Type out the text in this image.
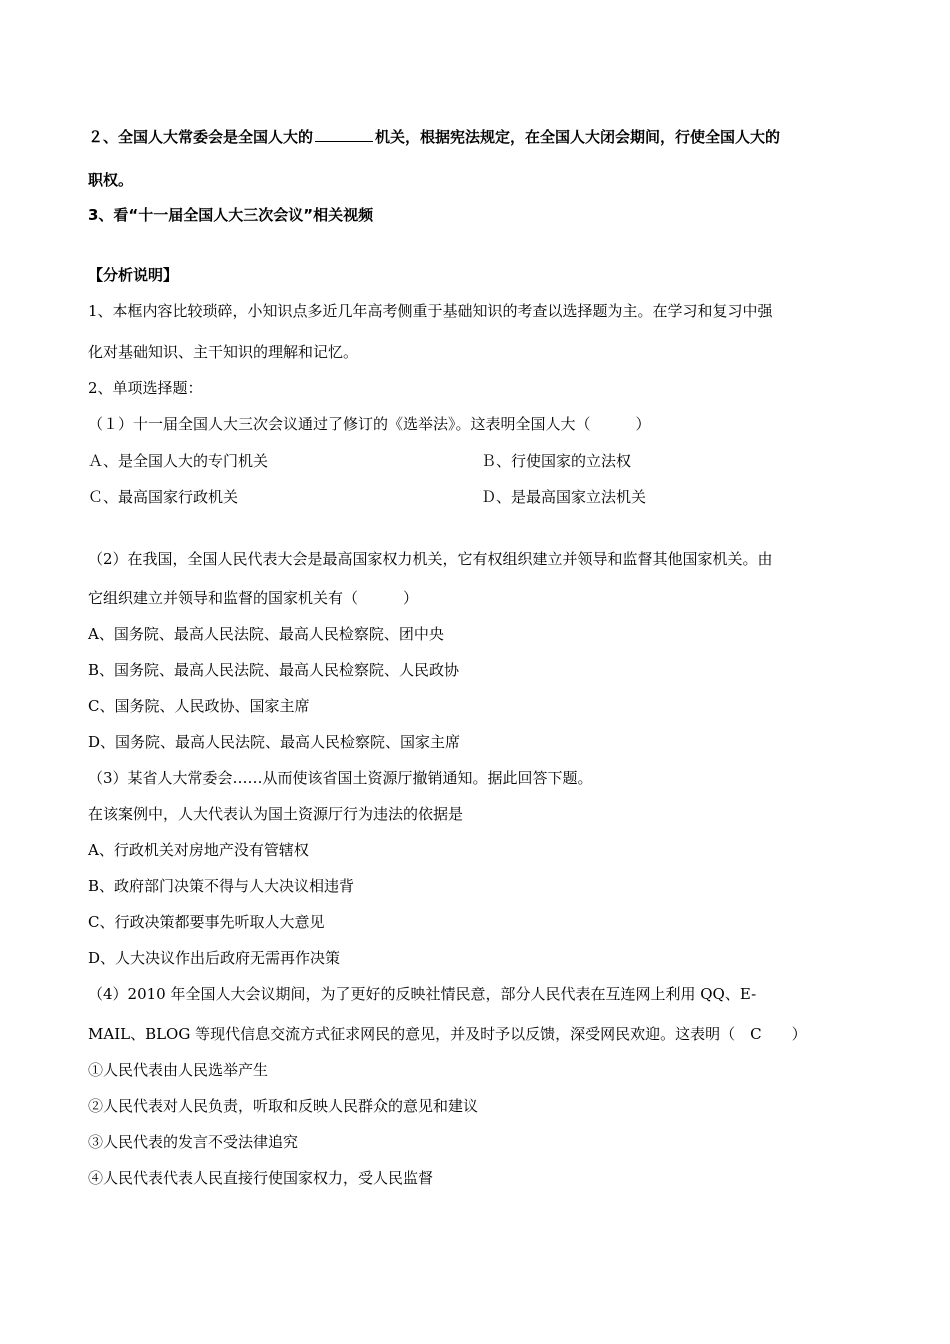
２、全国人大常委会是全国人大的	机关，根据宪法规定，在全国人大闭会期间，行使全国人大的
职权。
3、看“十一届全国人大三次会议”相关视频
【分析说明】
1、本框内容比较琐碎，小知识点多近几年高考侧重于基础知识的考查以选择题为主。在学习和复习中强
化对基础知识、主干知识的理解和记忆。
2、单项选择题：
（１）十一届全国人大三次会议通过了修订的《选举法》。这表明全国人大（　　　）
Ａ、是全国人大的专门机关	Ｂ、行使国家的立法权
Ｃ、最高国家行政机关	Ｄ、是最高国家立法机关
（2）在我国，全国人民代表大会是最高国家权力机关，它有权组织建立并领导和监督其他国家机关。由
它组织建立并领导和监督的国家机关有（　　　）
A、国务院、最高人民法院、最高人民检察院、团中央
B、国务院、最高人民法院、最高人民检察院、人民政协
C、国务院、人民政协、国家主席
D、国务院、最高人民法院、最高人民检察院、国家主席
（3）某省人大常委会……从而使该省国土资源厅撤销通知。据此回答下题。
在该案例中，人大代表认为国土资源厅行为违法的依据是
A、行政机关对房地产没有管辖权
B、政府部门决策不得与人大决议相违背
C、行政决策都要事先听取人大意见
D、人大决议作出后政府无需再作决策
（4）2010 年全国人大会议期间，为了更好的反映社情民意，部分人民代表在互连网上利用 QQ、E-
MAIL、BLOG 等现代信息交流方式征求网民的意见，并及时予以反馈，深受网民欢迎。这表明（　C　　）
①人民代表由人民选举产生
②人民代表对人民负责，听取和反映人民群众的意见和建议
③人民代表的发言不受法律追究
④人民代表代表人民直接行使国家权力，受人民监督
